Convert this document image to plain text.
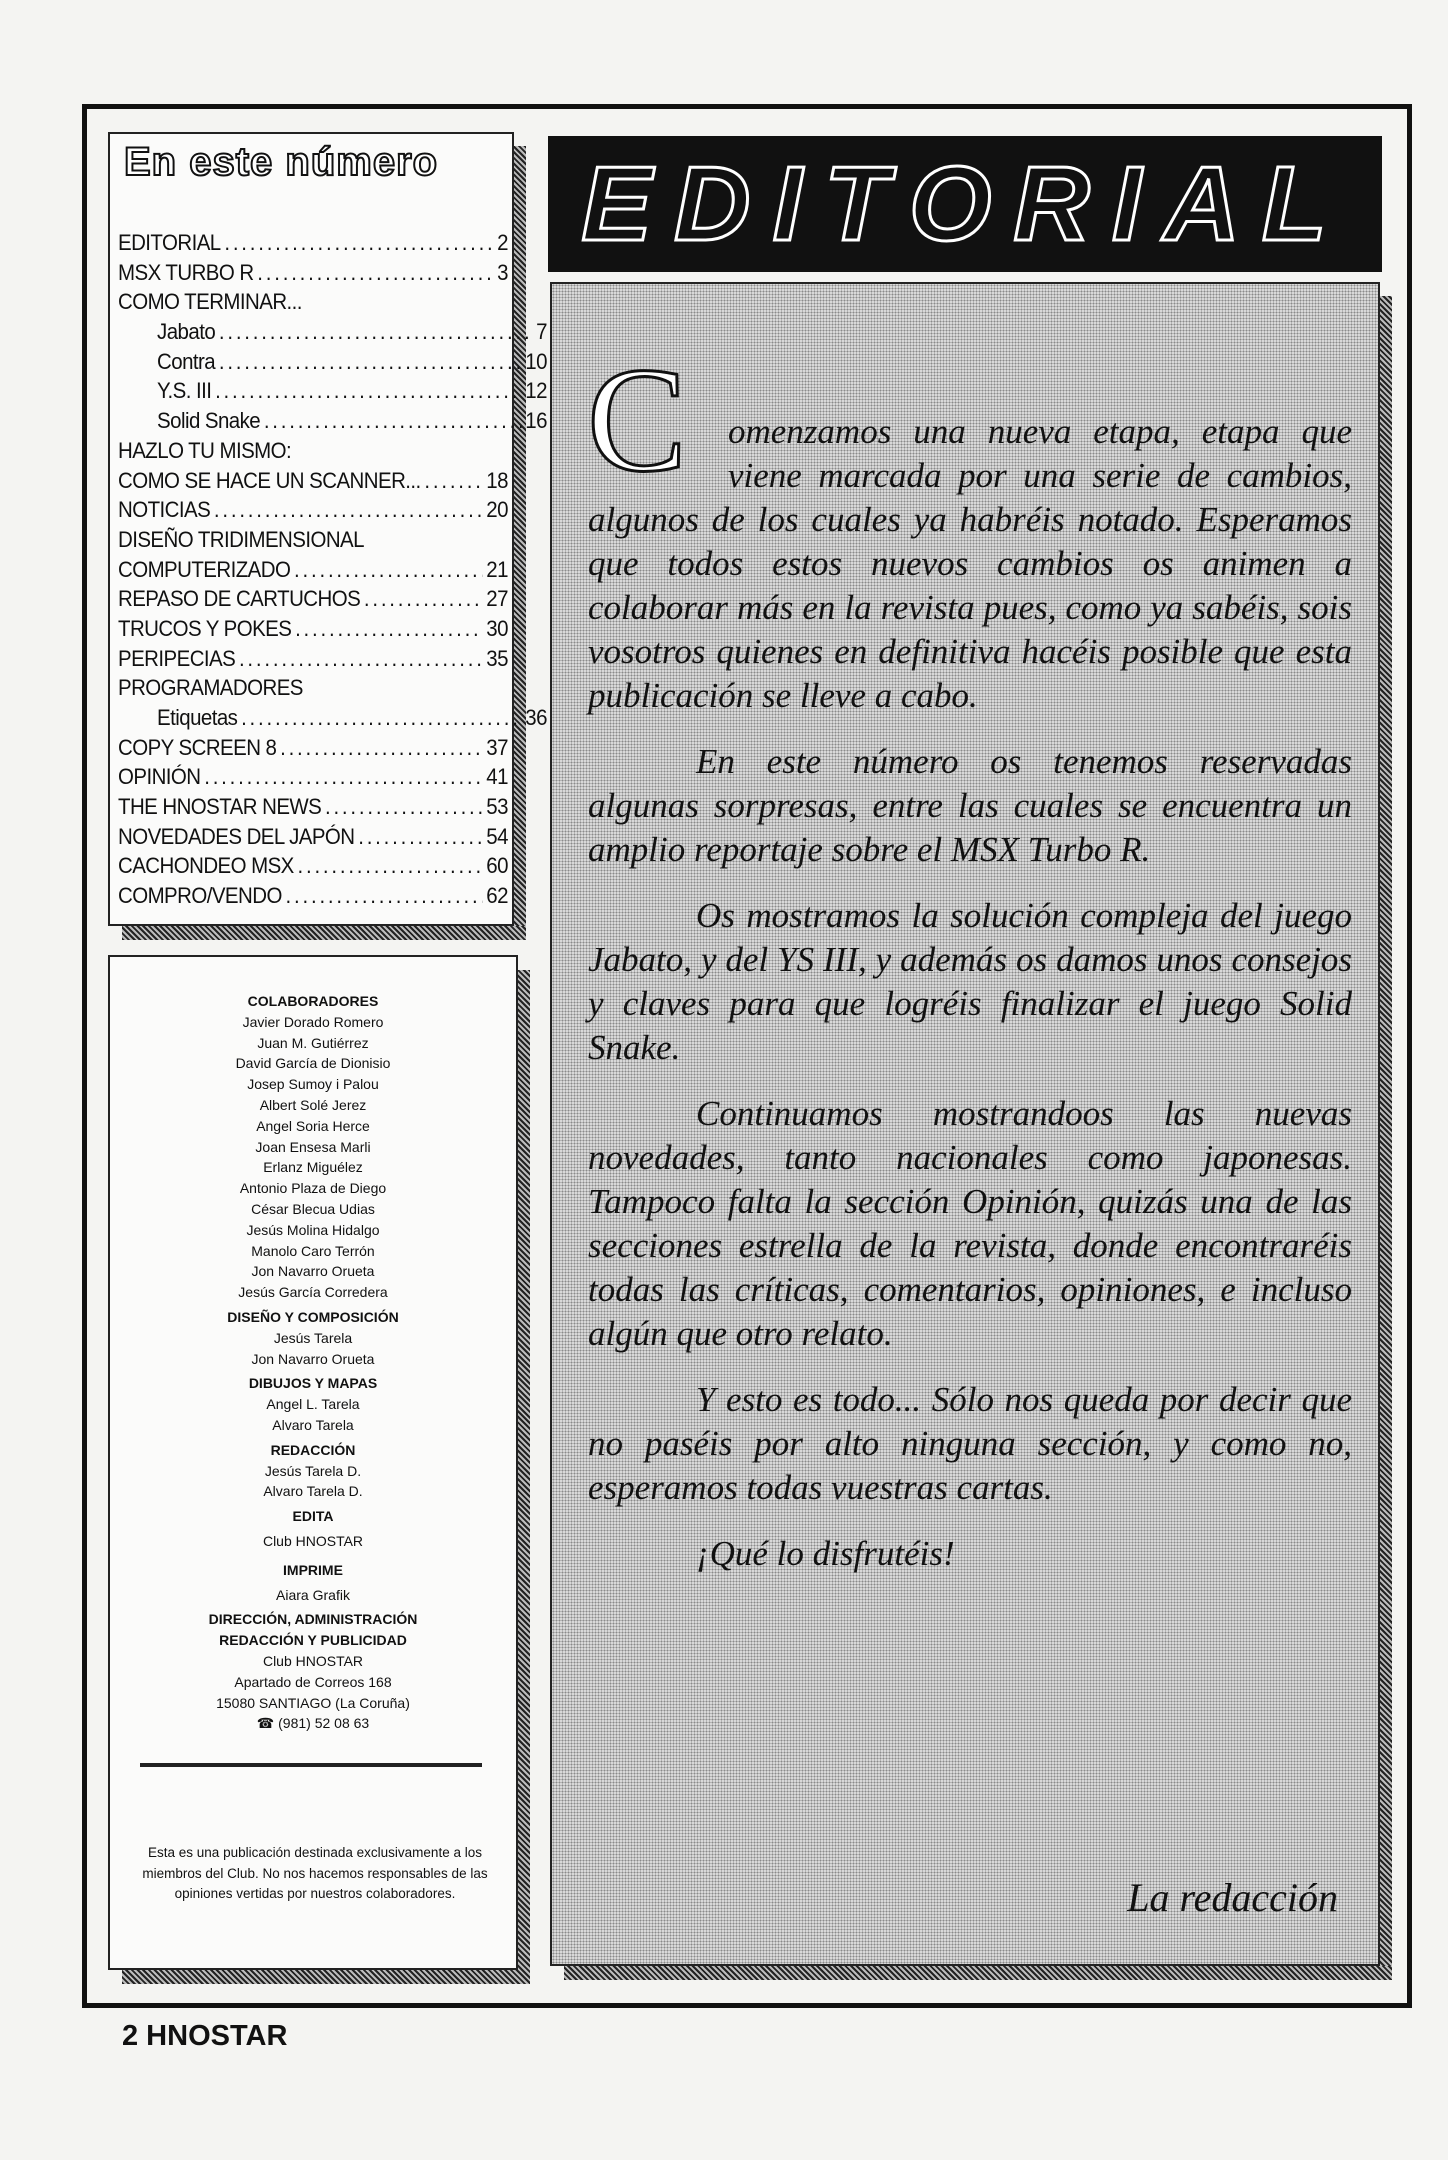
En este número
EDITORIAL .....	2
MSX TURBO R .....	3
COMO TERMINAR...
Jabato .....	7
Contra .....	10
Y.S. III .....	12
Solid Snake .....	16
HAZLO TU MISMO:
COMO SE HACE UN SCANNER... .....	18
NOTICIAS .....	20
DISEÑO TRIDIMENSIONAL
COMPUTERIZADO .....	21
REPASO DE CARTUCHOS .....	27
TRUCOS Y POKES .....	30
PERIPECIAS .....	35
PROGRAMADORES
Etiquetas .....	36
COPY SCREEN 8 .....	37
OPINIÓN .....	41
THE HNOSTAR NEWS .....	53
NOVEDADES DEL JAPÓN .....	54
CACHONDEO MSX .....	60
COMPRO/VENDO .....	62
COLABORADORES
Javier Dorado Romero
Juan M. Gutiérrez
David García de Dionisio
Josep Sumoy i Palou
Albert Solé Jerez
Angel Soria Herce
Joan Ensesa Marli
Erlanz Miguélez
Antonio Plaza de Diego
César Blecua Udias
Jesús Molina Hidalgo
Manolo Caro Terrón
Jon Navarro Orueta
Jesús García Corredera
DISEÑO Y COMPOSICIÓN
Jesús Tarela
Jon Navarro Orueta
DIBUJOS Y MAPAS
Angel L. Tarela
Alvaro Tarela
REDACCIÓN
Jesús Tarela D.
Alvaro Tarela D.
EDITA
Club HNOSTAR
IMPRIME
Aiara Grafik
DIRECCIÓN, ADMINISTRACIÓN
REDACCIÓN Y PUBLICIDAD
Club HNOSTAR
Apartado de Correos 168
15080 SANTIAGO (La Coruña)
☎ (981) 52 08 63
Esta es una publicación destinada exclusivamente a los miembros del Club. No nos hacemos responsables de las opiniones vertidas por nuestros colaboradores.
EDITORIAL
C	omenzamos una nueva etapa, etapa que viene marcada por una serie de cambios, algunos de los cuales ya habréis notado. Esperamos que todos estos nuevos cambios os animen a colaborar más en la revista pues, como ya sabéis, sois vosotros quienes en definitiva hacéis posible que esta publicación se lleve a cabo.

En este número os tenemos reservadas algunas sorpresas, entre las cuales se encuentra un amplio reportaje sobre el MSX Turbo R.

Os mostramos la solución compleja del juego Jabato, y del YS III, y además os damos unos consejos y claves para que logréis finalizar el juego Solid Snake.

Continuamos mostrandoos las nuevas novedades, tanto nacionales como japonesas. Tampoco falta la sección Opinión, quizás una de las secciones estrella de la revista, donde encontraréis todas las críticas, comentarios, opiniones, e incluso algún que otro relato.

Y esto es todo... Sólo nos queda por decir que no paséis por alto ninguna sección, y como no, esperamos todas vuestras cartas.

¡Qué lo disfrutéis!

La redacción
2 HNOSTAR
